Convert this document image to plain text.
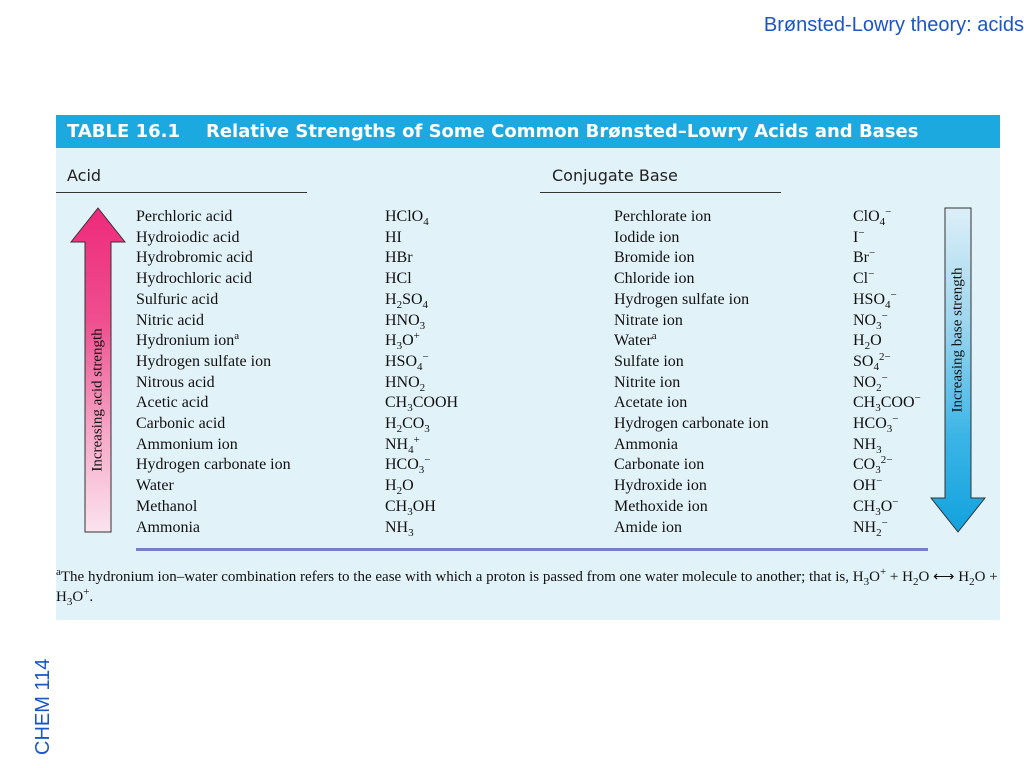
Brønsted-Lowry theory: acids
CHEM 114
TABLE 16.1 Relative Strengths of Some Common Brønsted–Lowry Acids and Bases
Acid	Conjugate Base
Increasing acid strength	Increasing base strength
Perchloric acid	HClO$_4$	Perchlorate ion	ClO$_4$−
Hydroiodic acid	HI	Iodide ion	I−
Hydrobromic acid	HBr	Bromide ion	Br−
Hydrochloric acid	HCl	Chloride ion	Cl−
Sulfuric acid	$H_2SO_4$	Hydrogen sulfate ion	$HSO_4^-$
Nitric acid	$HNO_3$	Nitrate ion	$NO_3^-$
Hydronium ion$^a$	$H_3O^+$	Water$^a$	$H_2O$
Hydrogen sulfate ion	$HSO_4^-$	Sulfate ion	$SO_4^{2-}$
Nitrous acid	$HNO_2$	Nitrite ion	$NO_2^-$
Acetic acid	$CH_3COOH$	Acetate ion	$CH_3COO^-$
Carbonic acid	$H_2CO_3$	Hydrogen carbonate ion	$HCO_3^-$
Ammonium ion	$NH_4^+$	Ammonia	$NH_3$
Hydrogen carbonate ion	$HCO_3^-$	Carbonate ion	$CO_3^{2-}$
Water	$H_2O$	Hydroxide ion	OH−
Methanol	$CH_3OH$	Methoxide ion	$CH_3O^-$
Ammonia	$NH_3$	Amide ion	$NH_2^-$
$^a$The hydronium ion–water combination refers to the ease with which a proton is passed from one water molecule to another; that is, $H_3O^+ + H_2O$ ⟷ $H_2O + H_3O^+$.
